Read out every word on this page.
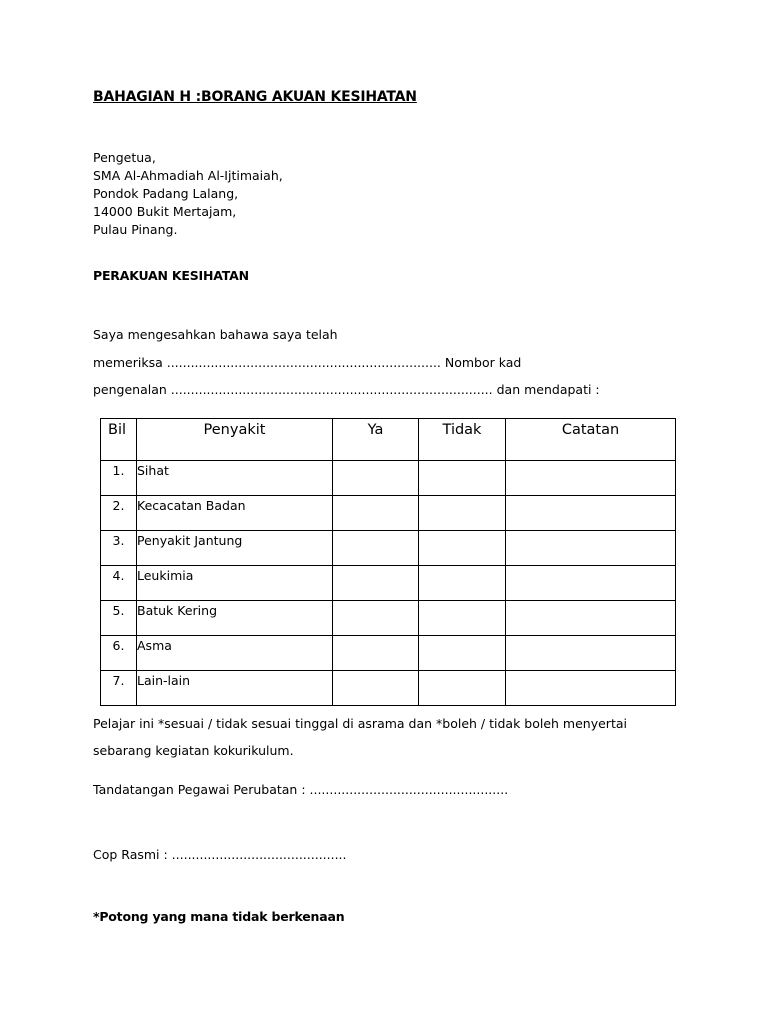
BAHAGIAN H :BORANG AKUAN KESIHATAN
Pengetua,
SMA Al-Ahmadiah Al-Ijtimaiah,
Pondok Padang Lalang,
14000 Bukit Mertajam,
Pulau Pinang.
PERAKUAN KESIHATAN
Saya mengesahkan bahawa saya telah
memeriksa ..................................................................... Nombor kad
pengenalan ................................................................................. dan mendapati :
Bil	Penyakit	Ya	Tidak	Catatan
1.	Sihat			
2.	Kecacatan Badan			
3.	Penyakit Jantung			
4.	Leukimia			
5.	Batuk Kering			
6.	Asma			
7.	Lain-lain			
Pelajar ini *sesuai / tidak sesuai tinggal di asrama dan *boleh / tidak boleh menyertai
sebarang kegiatan kokurikulum.
Tandatangan Pegawai Perubatan : ..................................................
Cop Rasmi : ............................................
*Potong yang mana tidak berkenaan
